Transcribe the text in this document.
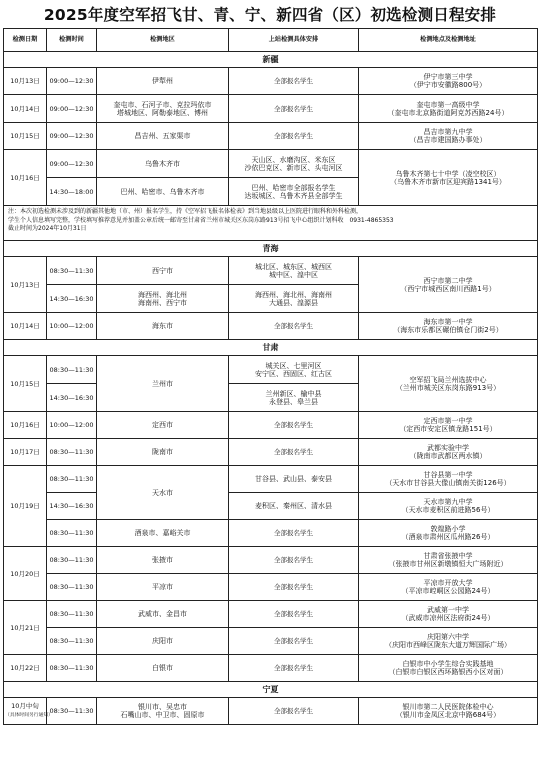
2025年度空军招飞甘、青、宁、新四省（区）初选检测日程安排
检测日期	检测时间	检测地区	上站检测具体安排	检测地点及检测地址
新疆				
10月13日	09:00—12:30	伊犁州	全部报名学生	伊宁市第三中学
（伊宁市安徽路800号）
10月14日	09:00—12:30	奎屯市、石河子市、克拉玛依市
塔城地区、阿勒泰地区、博州	全部报名学生	奎屯市第一高级中学
（奎屯市北京路街道阿克苏西路24号）
10月15日	09:00—12:30	昌吉州、五家渠市	全部报名学生	昌吉市第九中学
（昌吉市建国路办事处）
10月16日	09:00—12:30	乌鲁木齐市	天山区、水磨沟区、米东区
沙依巴克区、新市区、头屯河区	乌鲁木齐第七十中学（凌空校区）
（乌鲁木齐市新市区迎宾路1341号）
	14:30—18:00	巴州、哈密市、乌鲁木齐市	巴州、哈密市全部报名学生
达坂城区、乌鲁木齐县全部学生	
注：本次初选检测未涉及到的新疆其他地（市、州）报名学生，持《空军招飞报名体检表》到当地县级以上医院进行眼科和外科检测，
学生个人信息填写完整，学校填写推荐意见并加盖公章后统一邮寄至甘肃省兰州市城关区东岗东路913号招飞中心组织计划科收　0931-4865353
截止时间为2024年10月31日				
青海				
10月13日	08:30—11:30	西宁市	城北区、城东区、城西区
城中区、湟中区	西宁市第二中学
（西宁市城西区南川西路1号）
	14:30—16:30	海西州、海北州
海南州、西宁市	海西州、海北州、海南州
大通县、湟源县	
10月14日	10:00—12:00	海东市	全部报名学生	海东市第一中学
（海东市乐都区碾伯镇仓门街2号）
甘肃				
10月15日	08:30—11:30	兰州市	城关区、七里河区
安宁区、西固区、红古区	空军招飞局兰州选拔中心
（兰州市城关区东岗东路913号）
	14:30—16:30		兰州新区、榆中县
永登县、皋兰县	
10月16日	10:00—12:00	定西市	全部报名学生	定西市第一中学
（定西市安定区镇龙路151号）
10月17日	08:30—11:30	陇南市	全部报名学生	武都实验中学
（陇南市武都区两水镇）
10月19日	08:30—11:30	天水市	甘谷县、武山县、泰安县	甘谷县第一中学
（天水市甘谷县大像山镇南关街126号）
	14:30—16:30		麦积区、秦州区、清水县	天水市第九中学
（天水市麦积区前进路56号）
	08:30—11:30	酒泉市、嘉峪关市	全部报名学生	敦煌路小学
（酒泉市肃州区瓜州路26号）
10月20日	08:30—11:30	张掖市	全部报名学生	甘肃省张掖中学
（张掖市甘州区新墩镇恒大广场附近）
	08:30—11:30	平凉市	全部报名学生	平凉市开放大学
（平凉市崆峒区公园路24号）
10月21日	08:30—11:30	武威市、金昌市	全部报名学生	武威第一中学
（武威市凉州区法府街24号）
	08:30—11:30	庆阳市	全部报名学生	庆阳第六中学
（庆阳市西峰区陇东大道万辉国际广场）
10月22日	08:30—11:30	白银市	全部报名学生	白银市中小学生综合实践基地
（白银市白银区西环路银西小区对面）
宁夏				
10月中旬
（具体时间另行通知）	08:30—11:30	银川市、吴忠市
石嘴山市、中卫市、固原市	全部报名学生	银川市第二人民医院体检中心
（银川市金凤区北京中路684号）
